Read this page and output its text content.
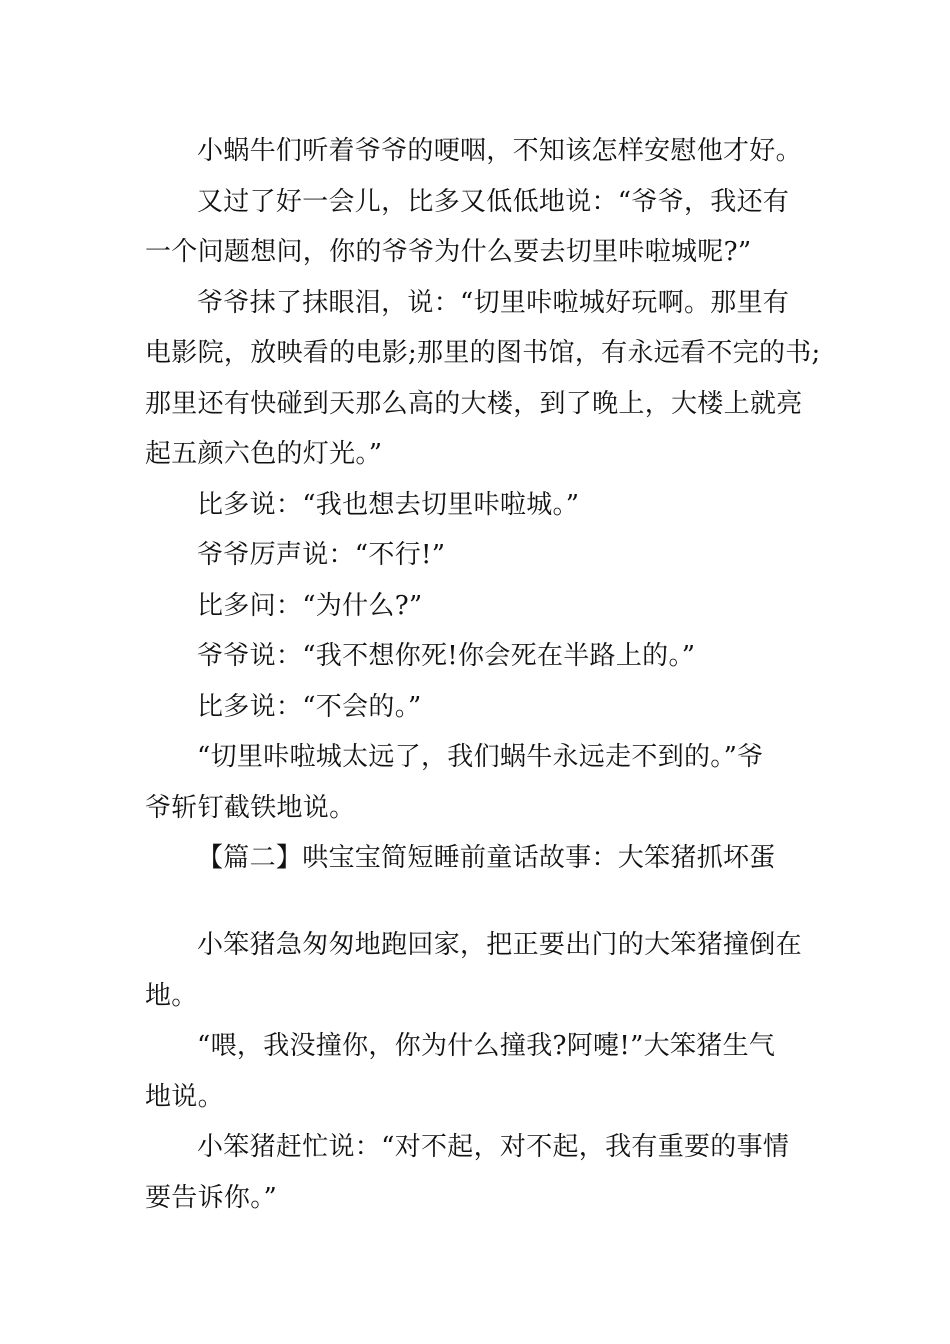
小蜗牛们听着爷爷的哽咽，不知该怎样安慰他才好。

又过了好一会儿，比多又低低地说：“爷爷，我还有

一个问题想问，你的爷爷为什么要去切里咔啦城呢?”

爷爷抹了抹眼泪，说：“切里咔啦城好玩啊。那里有

电影院，放映看的电影;那里的图书馆，有永远看不完的书;

那里还有快碰到天那么高的大楼，到了晚上，大楼上就亮

起五颜六色的灯光。”

比多说：“我也想去切里咔啦城。”

爷爷厉声说：“不行!”

比多问：“为什么?”

爷爷说：“我不想你死!你会死在半路上的。”

比多说：“不会的。”

“切里咔啦城太远了，我们蜗牛永远走不到的。”爷

爷斩钉截铁地说。

【篇二】哄宝宝简短睡前童话故事：大笨猪抓坏蛋

小笨猪急匆匆地跑回家，把正要出门的大笨猪撞倒在

地。

“喂，我没撞你，你为什么撞我?阿嚏!”大笨猪生气

地说。

小笨猪赶忙说：“对不起，对不起，我有重要的事情

要告诉你。”
